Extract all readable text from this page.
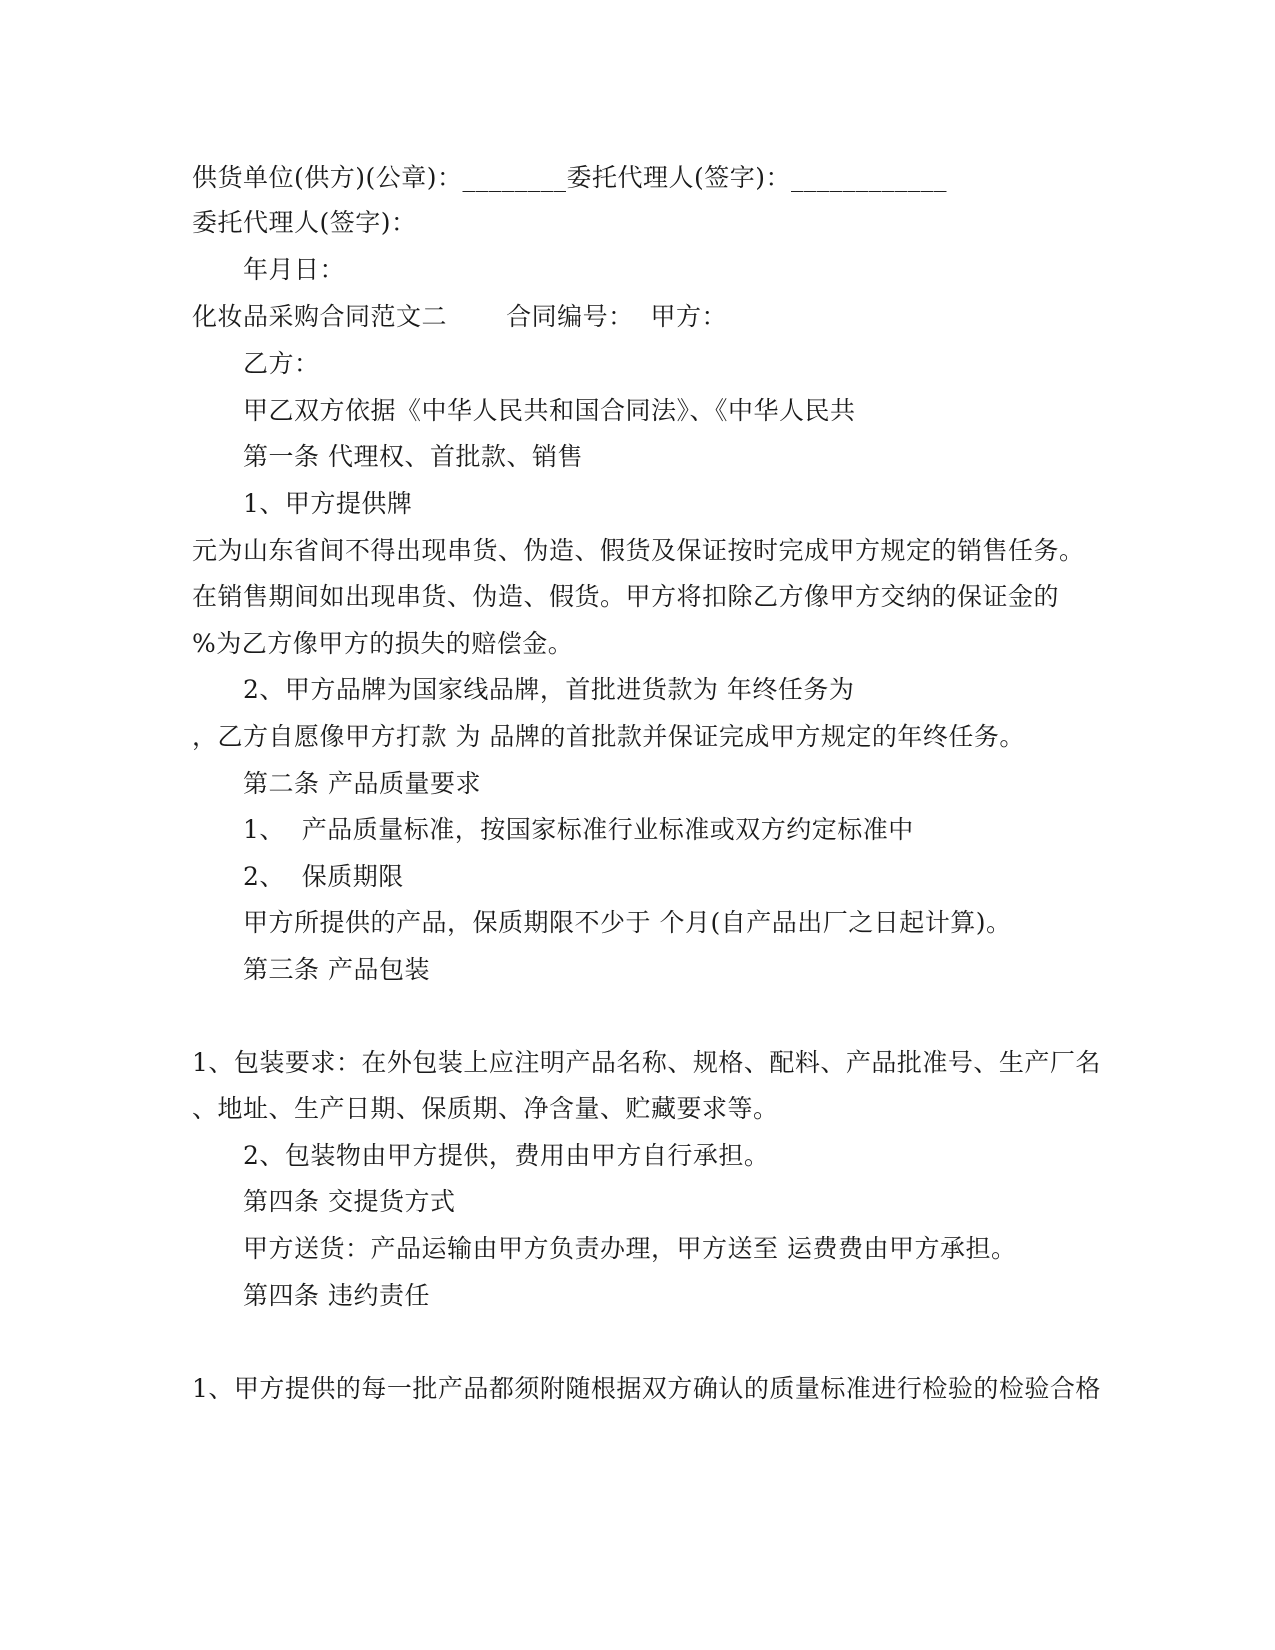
供货单位(供方)(公章)：________委托代理人(签字)：____________
委托代理人(签字)：
年月日：
化妆品采购合同范文二       合同编号：  甲方：
乙方：
甲乙双方依据《中华人民共和国合同法》、《中华人民共
第一条 代理权、首批款、销售
1、甲方提供牌
元为山东省间不得出现串货、伪造、假货及保证按时完成甲方规定的销售任务。
在销售期间如出现串货、伪造、假货。甲方将扣除乙方像甲方交纳的保证金的
%为乙方像甲方的损失的赔偿金。
2、甲方品牌为国家线品牌，首批进货款为 年终任务为
，乙方自愿像甲方打款 为 品牌的首批款并保证完成甲方规定的年终任务。
第二条 产品质量要求
1、  产品质量标准，按国家标准行业标准或双方约定标准中
2、  保质期限
甲方所提供的产品，保质期限不少于 个月(自产品出厂之日起计算)。
第三条 产品包装
1、包装要求：在外包装上应注明产品名称、规格、配料、产品批准号、生产厂名
、地址、生产日期、保质期、净含量、贮藏要求等。
2、包装物由甲方提供，费用由甲方自行承担。
第四条 交提货方式
甲方送货：产品运输由甲方负责办理，甲方送至 运费费由甲方承担。
第四条 违约责任
1、甲方提供的每一批产品都须附随根据双方确认的质量标准进行检验的检验合格
